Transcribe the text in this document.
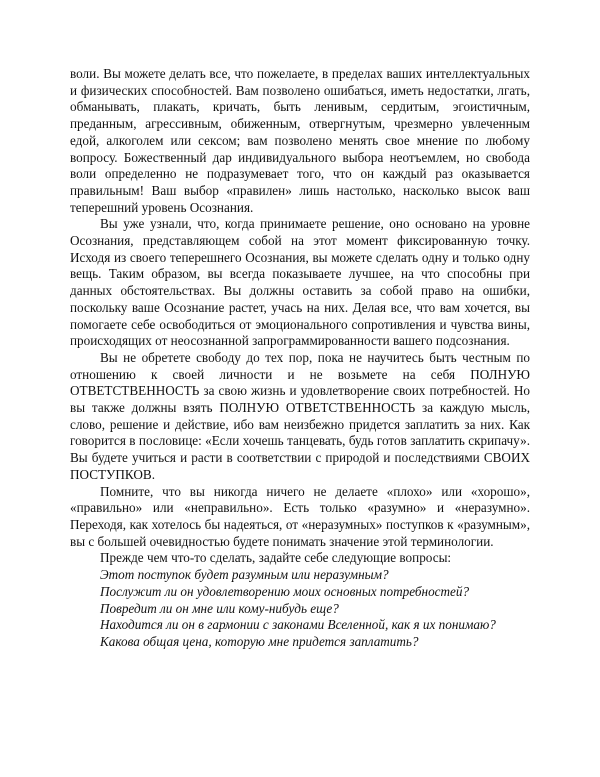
воли. Вы можете делать все, что пожелаете, в пределах ваших интеллектуальных и физических способностей. Вам позволено ошибаться, иметь недостатки, лгать, обманывать, плакать, кричать, быть ленивым, сердитым, эгоистичным, преданным, агрессивным, обиженным, отвергнутым, чрезмерно увлеченным едой, алкоголем или сексом; вам позволено менять свое мнение по любому вопросу. Божественный дар индивидуального выбора неотъемлем, но свобода воли определенно не подразумевает того, что он каждый раз оказывается правильным! Ваш выбор «правилен» лишь настолько, насколько высок ваш теперешний уровень Осознания.

Вы уже узнали, что, когда принимаете решение, оно основано на уровне Осознания, представляющем собой на этот момент фиксированную точку. Исходя из своего теперешнего Осознания, вы можете сделать одну и только одну вещь. Таким образом, вы всегда показываете лучшее, на что способны при данных обстоятельствах. Вы должны оставить за собой право на ошибки, поскольку ваше Осознание растет, учась на них. Делая все, что вам хочется, вы помогаете себе освободиться от эмоционального сопротивления и чувства вины, происходящих от неосознанной запрограммированности вашего подсознания.

Вы не обретете свободу до тех пор, пока не научитесь быть честным по отношению к своей личности и не возьмете на себя ПОЛНУЮ ОТВЕТСТВЕННОСТЬ за свою жизнь и удовлетворение своих потребностей. Но вы также должны взять ПОЛНУЮ ОТВЕТСТВЕННОСТЬ за каждую мысль, слово, решение и действие, ибо вам неизбежно придется заплатить за них. Как говорится в пословице: «Если хочешь танцевать, будь готов заплатить скрипачу». Вы будете учиться и расти в соответствии с природой и последствиями СВОИХ ПОСТУПКОВ.

Помните, что вы никогда ничего не делаете «плохо» или «хорошо», «правильно» или «неправильно». Есть только «разумно» и «неразумно». Переходя, как хотелось бы надеяться, от «неразумных» поступков к «разумным», вы с большей очевидностью будете понимать значение этой терминологии.

Прежде чем что-то сделать, задайте себе следующие вопросы:

Этот поступок будет разумным или неразумным?
Послужит ли он удовлетворению моих основных потребностей?
Повредит ли он мне или кому-нибудь еще?
Находится ли он в гармонии с законами Вселенной, как я их понимаю?
Какова общая цена, которую мне придется заплатить?
